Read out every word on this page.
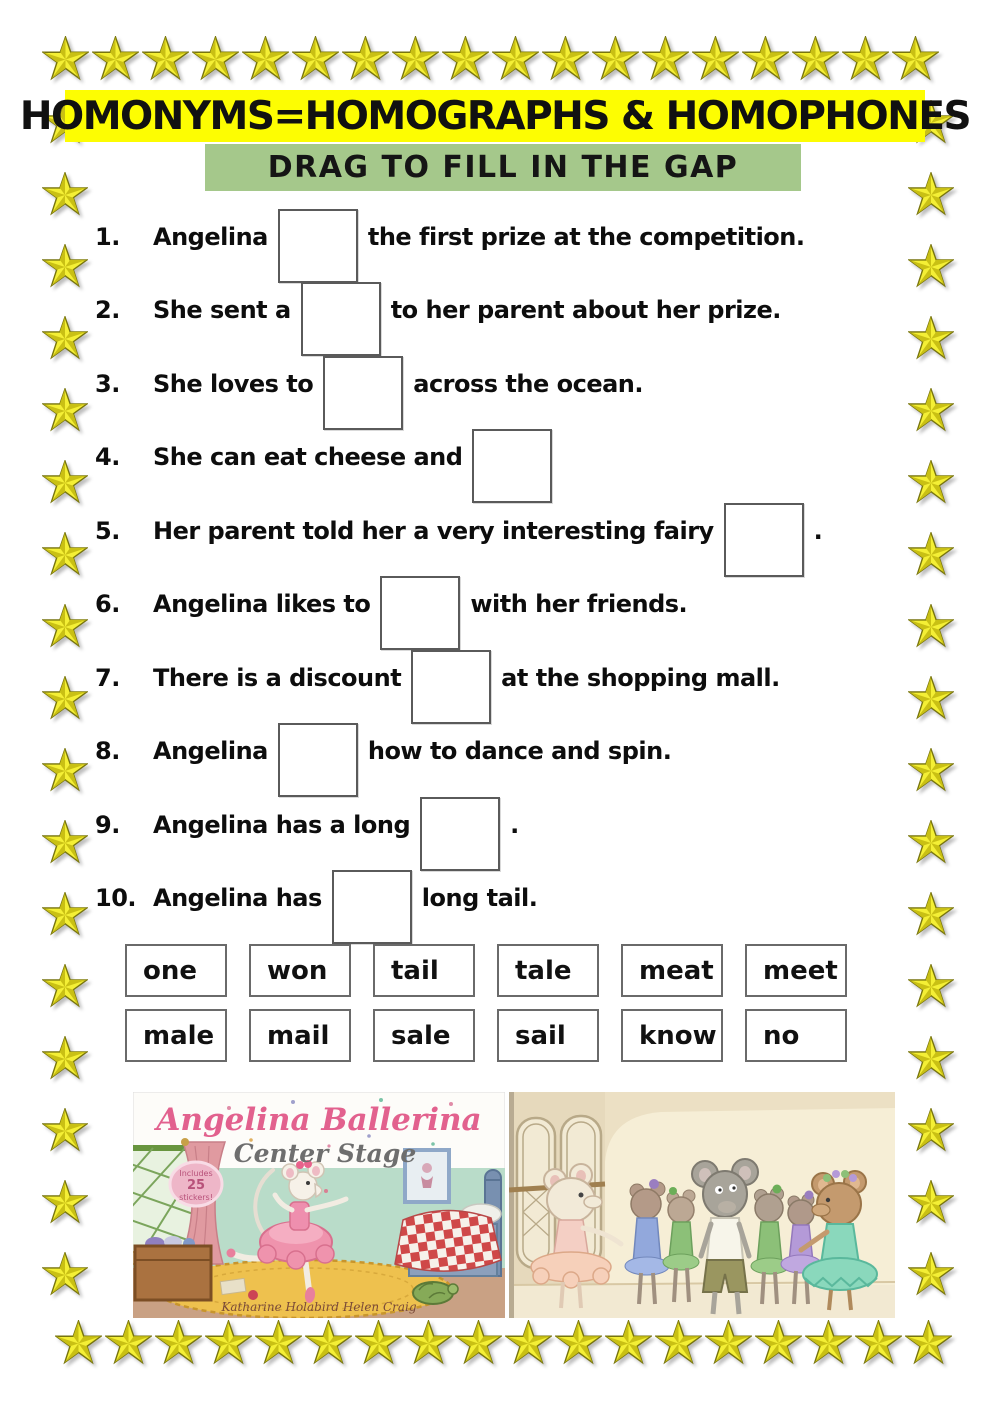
HOMONYMS=HOMOGRAPHS & HOMOPHONES
DRAG TO FILL IN THE GAP
1.	Angelina	the first prize at the competition.
2.	She sent a	to her parent about her prize.
3.	She loves to	across the ocean.
4.	She can eat cheese and
5.	Her parent told her a very interesting fairy	.
6.	Angelina likes to	with her friends.
7.	There is a discount	at the shopping mall.
8.	Angelina	how to dance and spin.
9.	Angelina has a long	.
10. Angelina has	long tail.
one	won tail	tale	meat meet
male mail sale sail	know no
Angelina Ballerina
Center Stage
Includes
25
stickers!
Katharine Holabird Helen Craig
